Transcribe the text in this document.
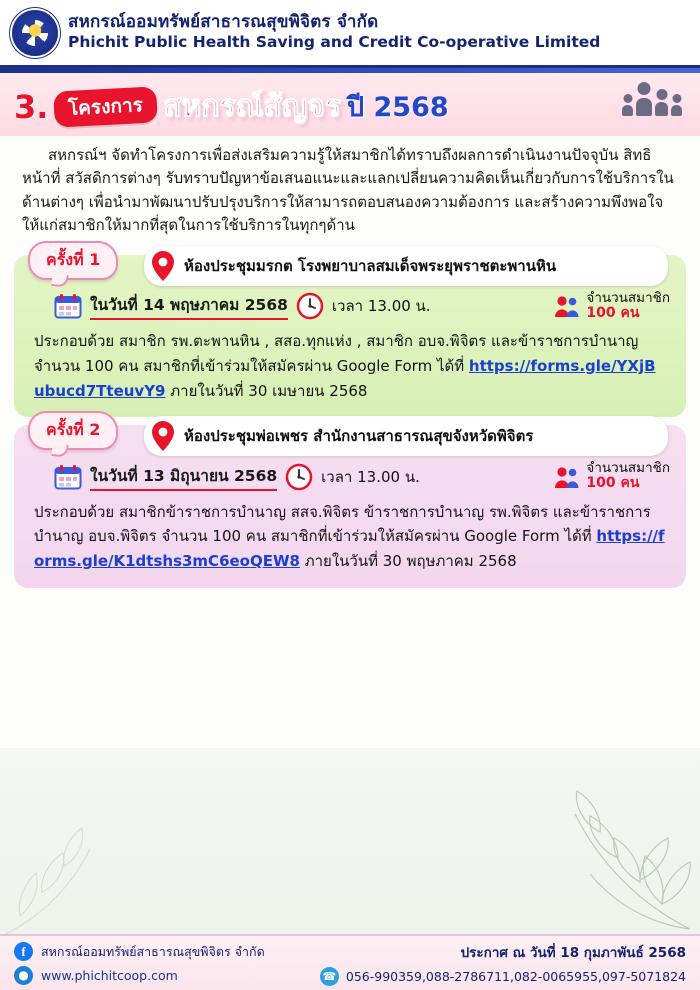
สหกรณ์ออมทรัพย์สาธารณสุขพิจิตร จำกัด
Phichit Public Health Saving and Credit Co-operative Limited
3.	โครงการ สหกรณ์สัญจร ปี 2568
สหกรณ์ฯ จัดทำโครงการเพื่อส่งเสริมความรู้ให้สมาชิกได้ทราบถึงผลการดำเนินงานปัจจุบัน สิทธิหน้าที่ สวัสดิการต่างๆ รับทราบปัญหาข้อเสนอแนะและแลกเปลี่ยนความคิดเห็นเกี่ยวกับการใช้บริการในด้านต่างๆ เพื่อนำมาพัฒนาปรับปรุงบริการให้สามารถตอบสนองความต้องการ และสร้างความพึงพอใจให้แก่สมาชิกให้มากที่สุดในการใช้บริการในทุกๆด้าน
ครั้งที่ 1	ห้องประชุมมรกต โรงพยาบาลสมเด็จพระยุพราชตะพานหิน
ในวันที่ 14 พฤษภาคม 2568	เวลา 13.00 น.	จำนวนสมาชิก
100 คน
ประกอบด้วย สมาชิก รพ.ตะพานหิน , สสอ.ทุกแห่ง , สมาชิก อบจ.พิจิตร และข้าราชการบำนาญ จำนวน 100 คน สมาชิกที่เข้าร่วมให้สมัครผ่าน Google Form ได้ที่ https://forms.gle/YXjBubucd7TteuvY9 ภายในวันที่ 30 เมษายน 2568
ครั้งที่ 2	ห้องประชุมพ่อเพชร สำนักงานสาธารณสุขจังหวัดพิจิตร
ในวันที่ 13 มิถุนายน 2568	เวลา 13.00 น.	จำนวนสมาชิก
100 คน
ประกอบด้วย สมาชิกข้าราชการบำนาญ สสจ.พิจิตร ข้าราชการบำนาญ รพ.พิจิตร และข้าราชการบำนาญ อบจ.พิจิตร จำนวน 100 คน สมาชิกที่เข้าร่วมให้สมัครผ่าน Google Form ได้ที่ https://forms.gle/K1dtshs3mC6eoQEW8 ภายในวันที่ 30 พฤษภาคม 2568
f	สหกรณ์ออมทรัพย์สาธารณสุขพิจิตร จำกัด
● www.phichitcoop.com
ประกาศ ณ วันที่ 18 กุมภาพันธ์ 2568
☎ 056-990359,088-2786711,082-0065955,097-5071824
